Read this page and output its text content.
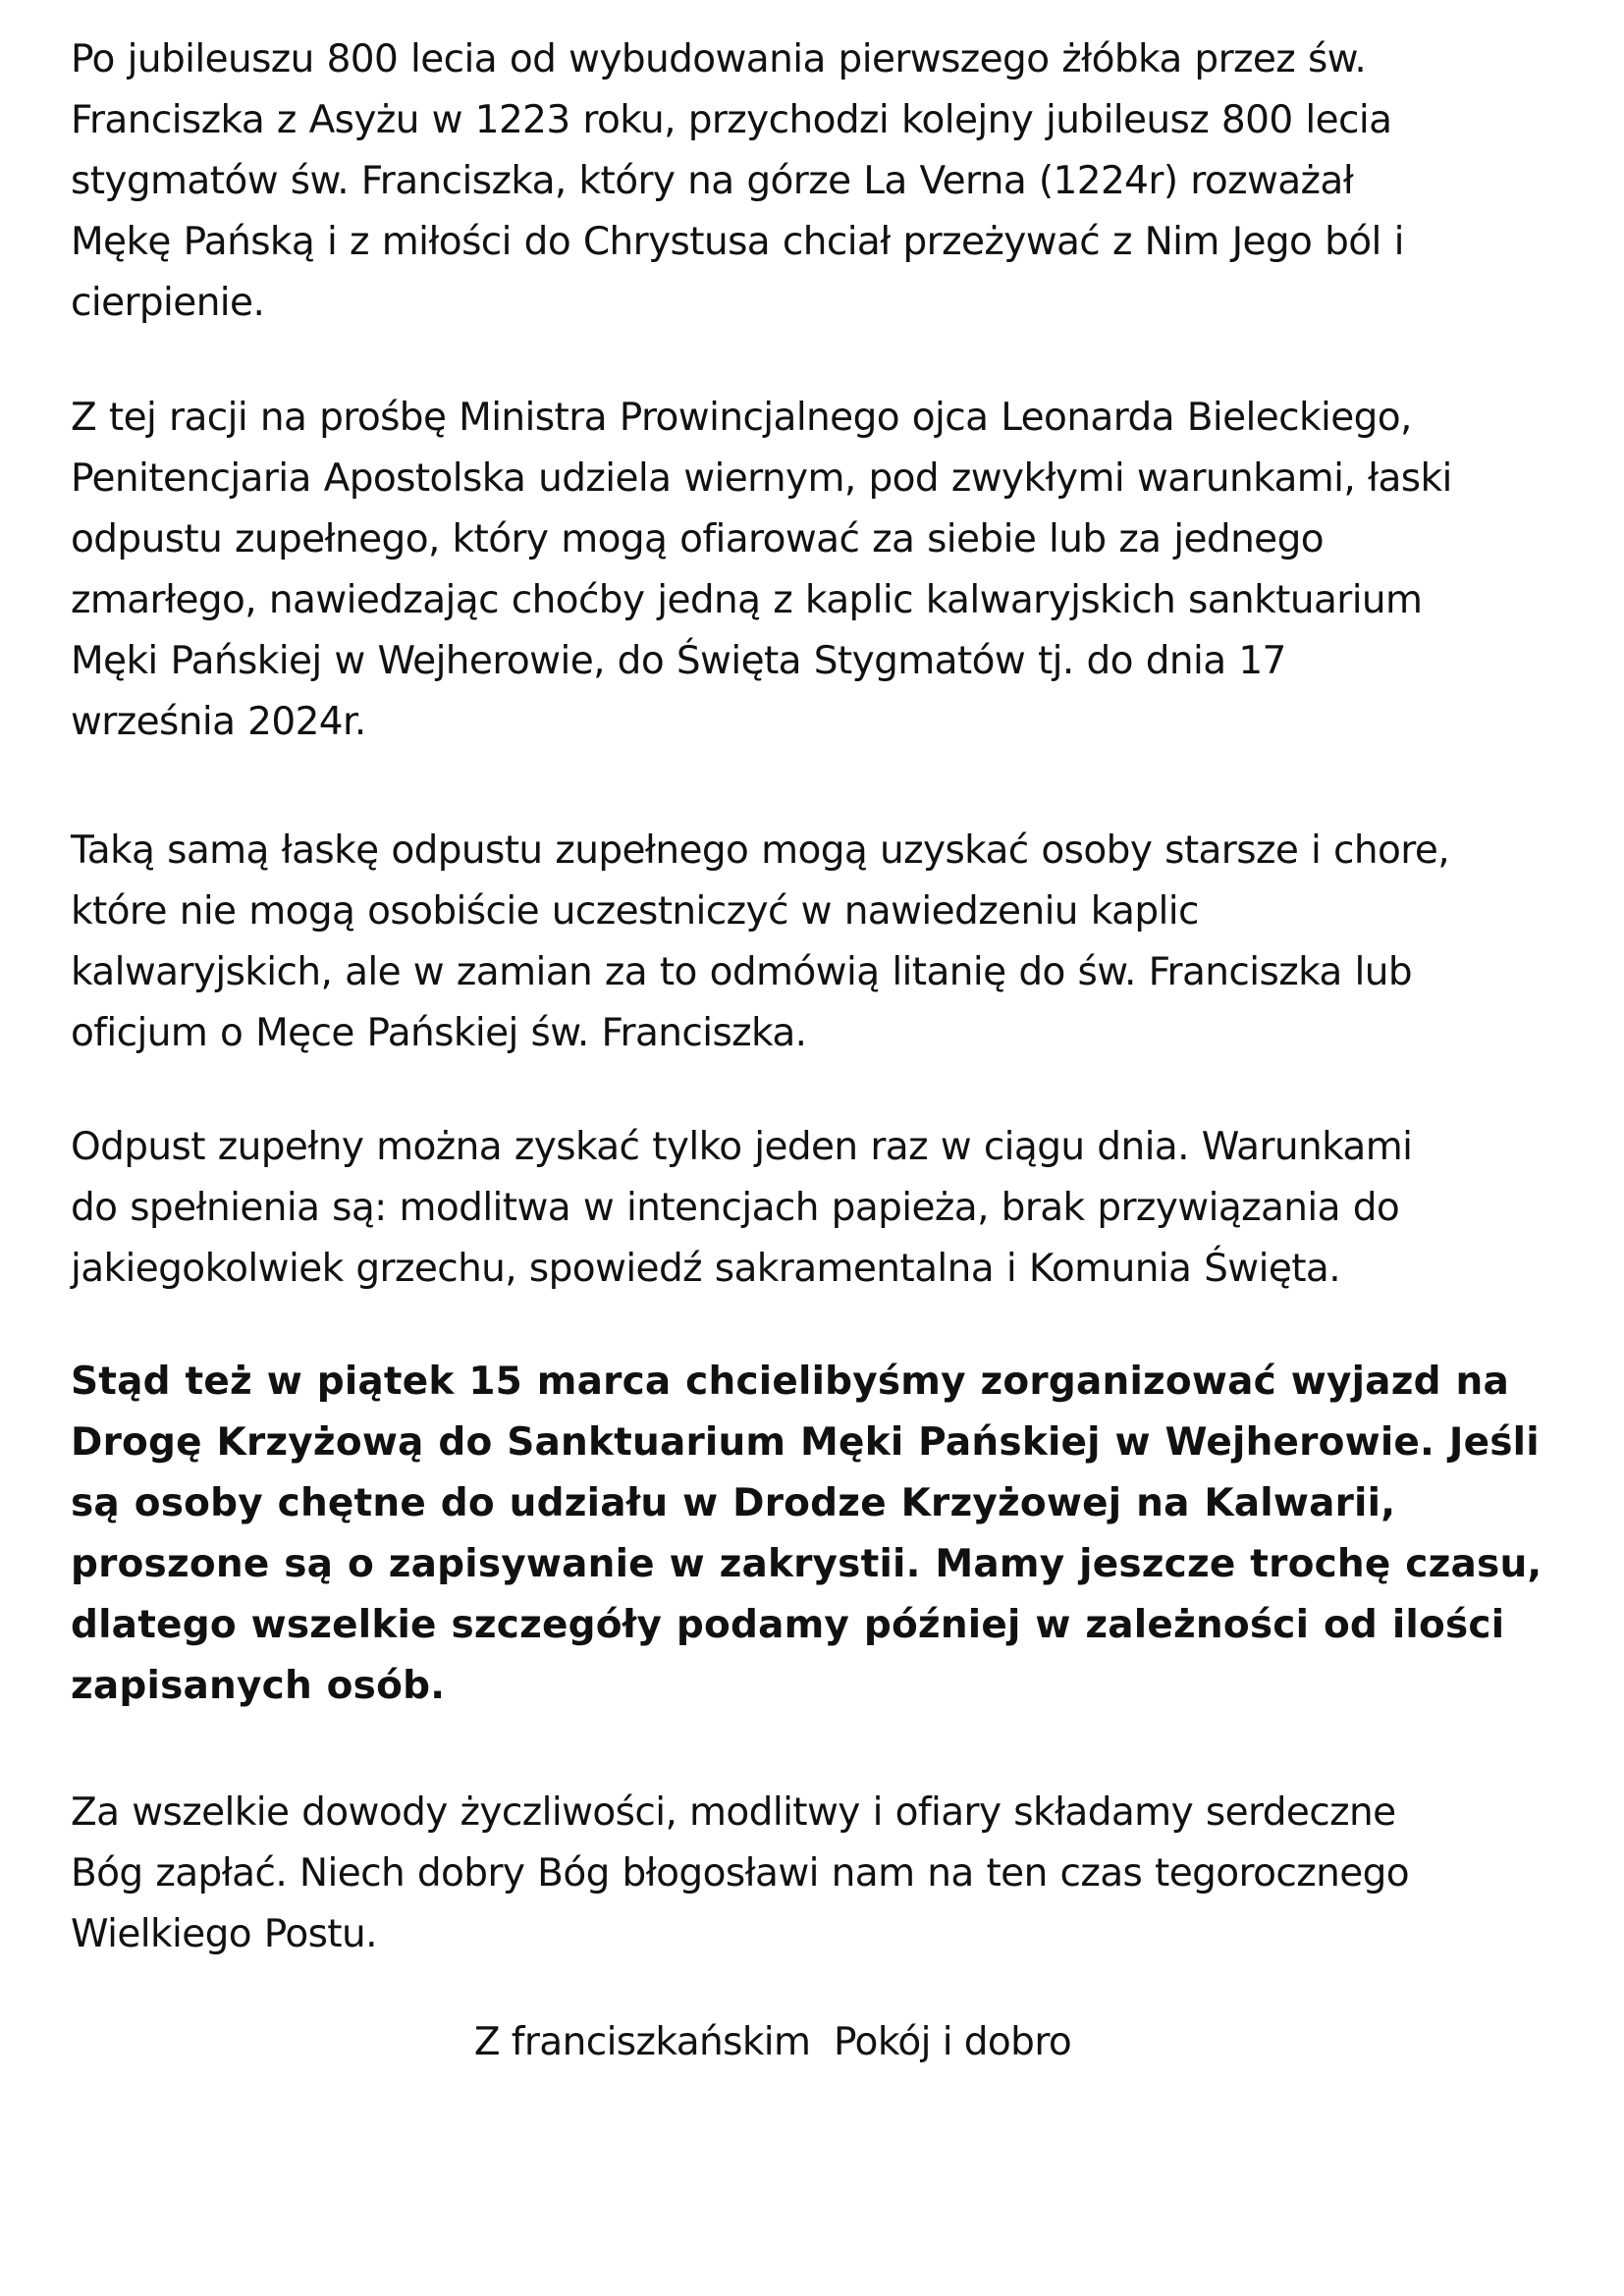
Po jubileuszu 800 lecia od wybudowania pierwszego żłóbka przez św.
Franciszka z Asyżu w 1223 roku, przychodzi kolejny jubileusz 800 lecia
stygmatów św. Franciszka, który na górze La Verna (1224r) rozważał
Mękę Pańską i z miłości do Chrystusa chciał przeżywać z Nim Jego ból i
cierpienie.

Z tej racji na prośbę Ministra Prowincjalnego ojca Leonarda Bieleckiego,
Penitencjaria Apostolska udziela wiernym, pod zwykłymi warunkami, łaski
odpustu zupełnego, który mogą ofiarować za siebie lub za jednego
zmarłego, nawiedzając choćby jedną z kaplic kalwaryjskich sanktuarium
Męki Pańskiej w Wejherowie, do Święta Stygmatów tj. do dnia 17
września 2024r.

Taką samą łaskę odpustu zupełnego mogą uzyskać osoby starsze i chore,
które nie mogą osobiście uczestniczyć w nawiedzeniu kaplic
kalwaryjskich, ale w zamian za to odmówią litanię do św. Franciszka lub
oficjum o Męce Pańskiej św. Franciszka.

Odpust zupełny można zyskać tylko jeden raz w ciągu dnia. Warunkami
do spełnienia są: modlitwa w intencjach papieża, brak przywiązania do
jakiegokolwiek grzechu, spowiedź sakramentalna i Komunia Święta.

Stąd też w piątek 15 marca chcielibyśmy zorganizować wyjazd na
Drogę Krzyżową do Sanktuarium Męki Pańskiej w Wejherowie. Jeśli
są osoby chętne do udziału w Drodze Krzyżowej na Kalwarii,
proszone są o zapisywanie w zakrystii. Mamy jeszcze trochę czasu,
dlatego wszelkie szczegóły podamy później w zależności od ilości
zapisanych osób.

Za wszelkie dowody życzliwości, modlitwy i ofiary składamy serdeczne
Bóg zapłać. Niech dobry Bóg błogosławi nam na ten czas tegorocznego
Wielkiego Postu.

Z franciszkańskim  Pokój i dobro
